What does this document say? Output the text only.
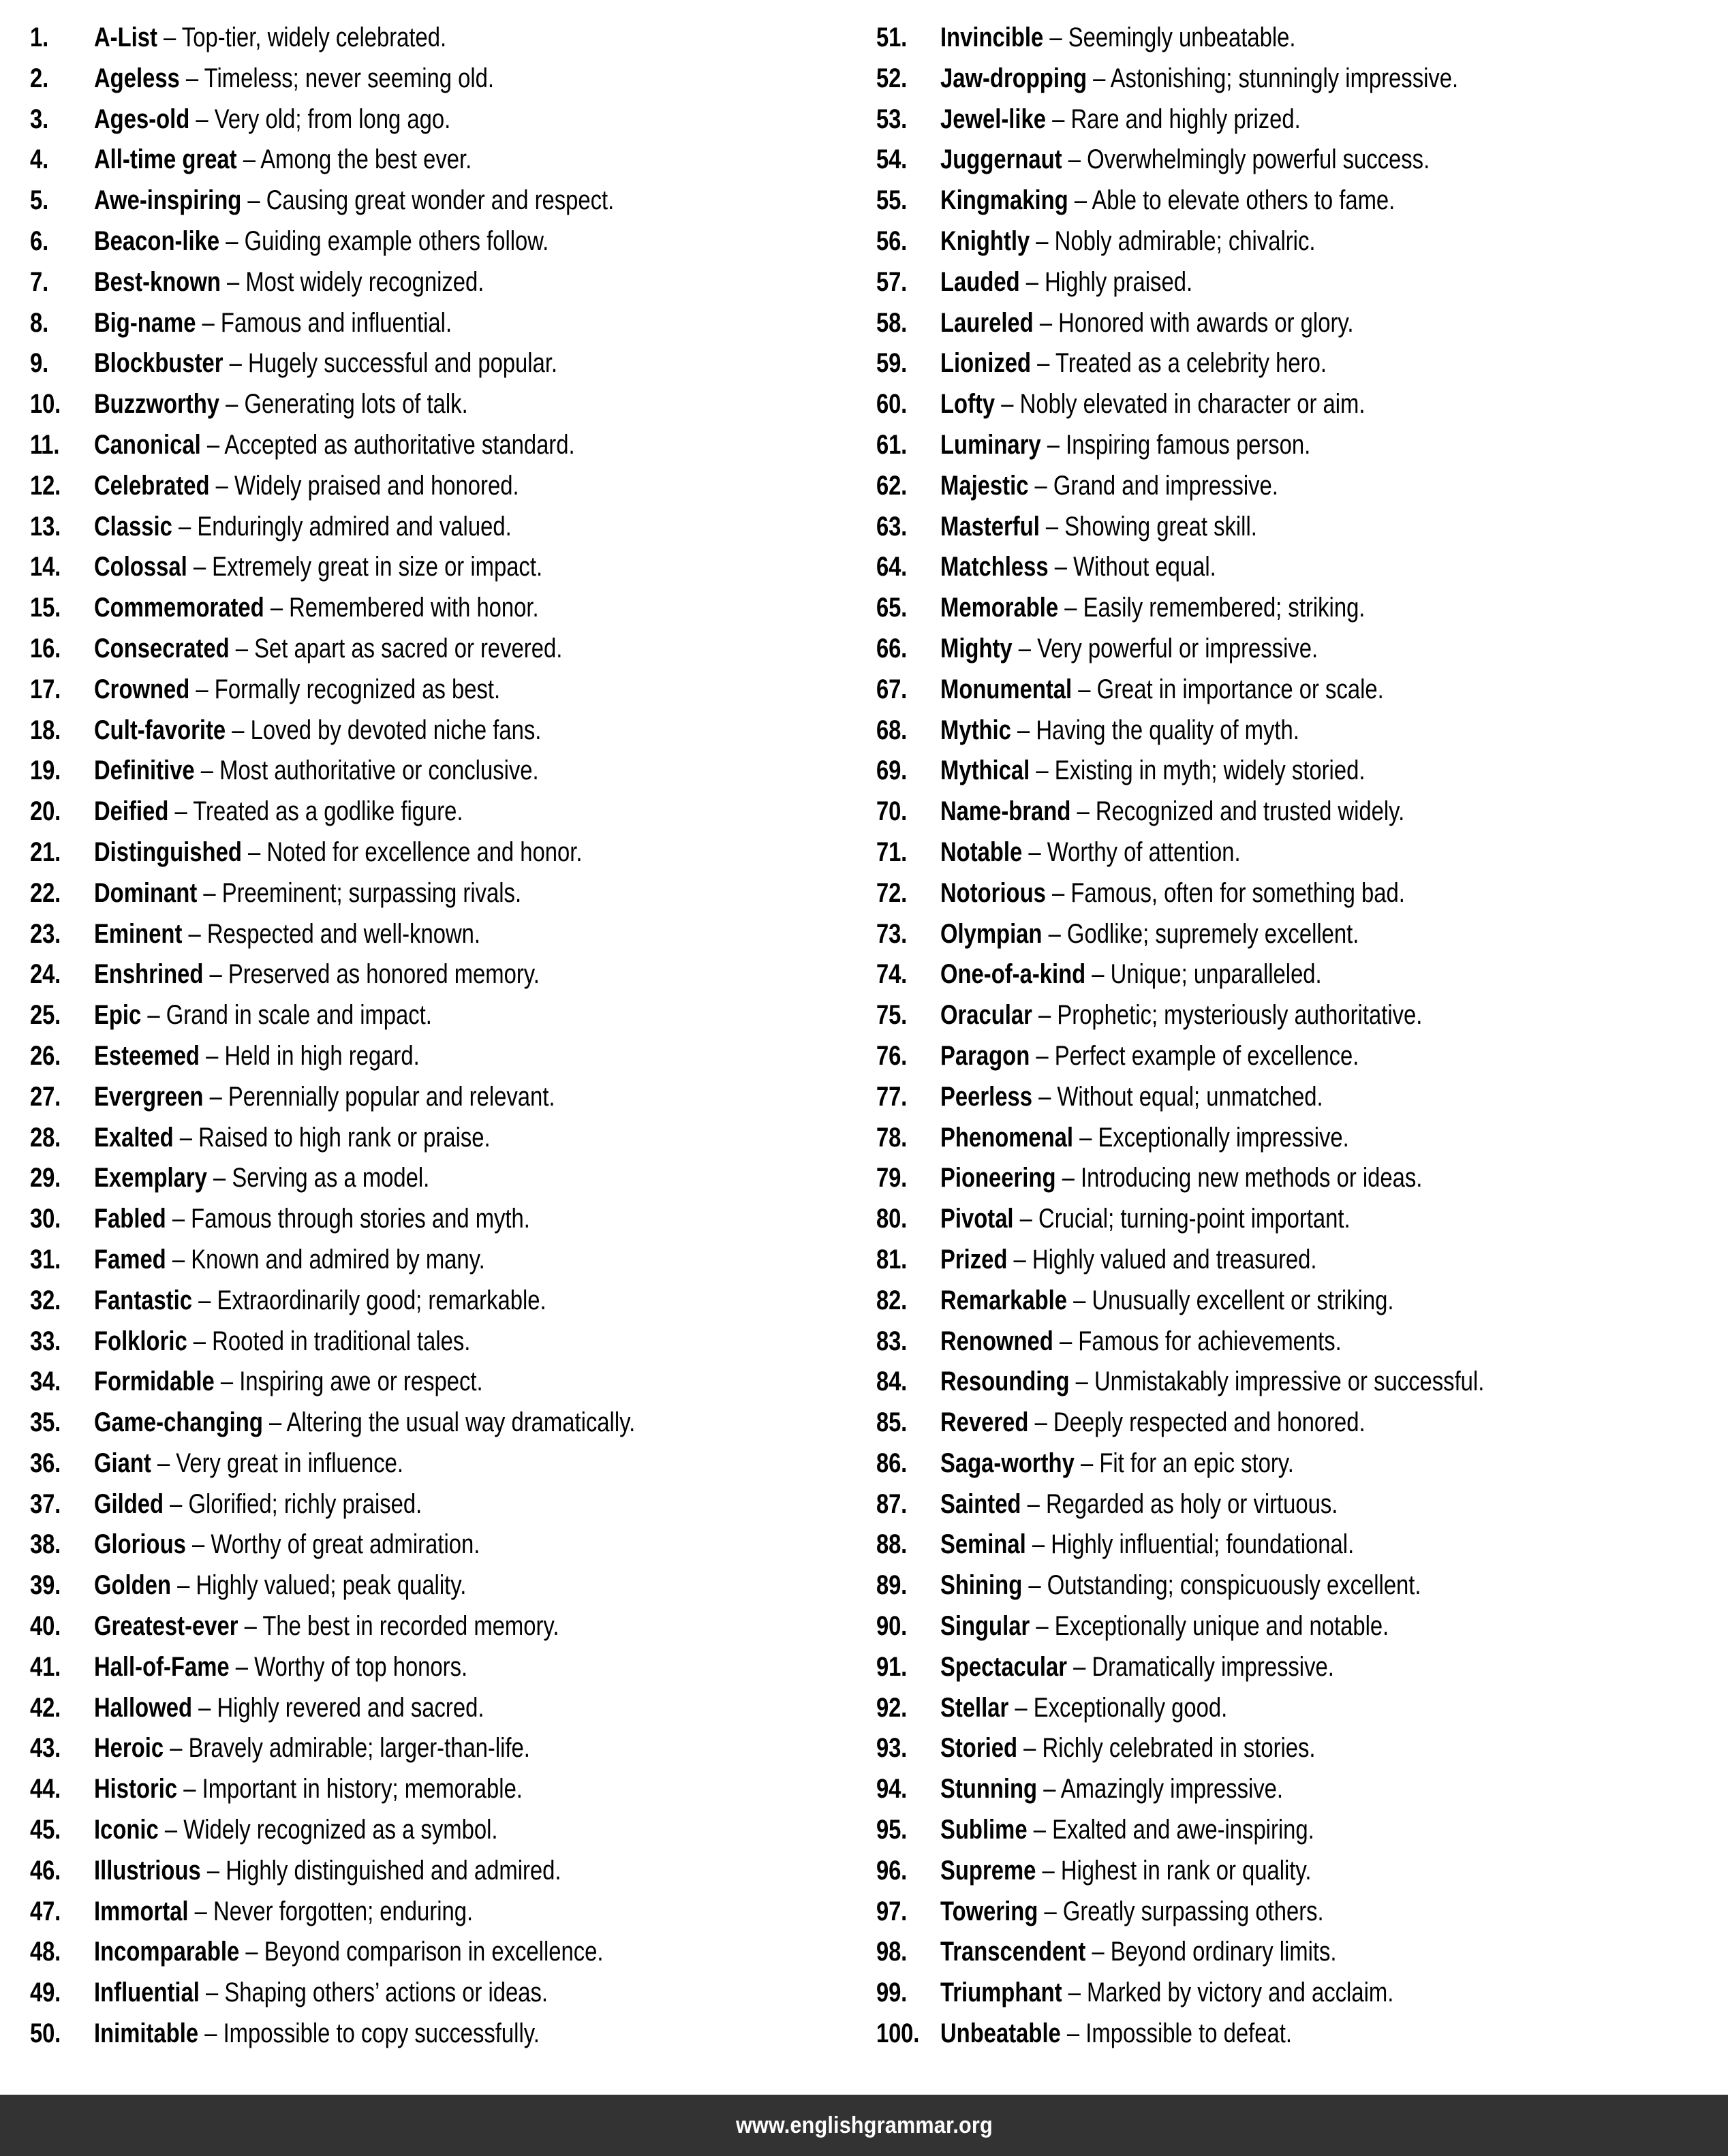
1.	A-List – Top-tier, widely celebrated.
2.	Ageless – Timeless; never seeming old.
3.	Ages-old – Very old; from long ago.
4.	All-time great – Among the best ever.
5.	Awe-inspiring – Causing great wonder and respect.
6.	Beacon-like – Guiding example others follow.
7.	Best-known – Most widely recognized.
8.	Big-name – Famous and influential.
9.	Blockbuster – Hugely successful and popular.
10.	Buzzworthy – Generating lots of talk.
11.	Canonical – Accepted as authoritative standard.
12.	Celebrated – Widely praised and honored.
13.	Classic – Enduringly admired and valued.
14.	Colossal – Extremely great in size or impact.
15.	Commemorated – Remembered with honor.
16.	Consecrated – Set apart as sacred or revered.
17.	Crowned – Formally recognized as best.
18.	Cult-favorite – Loved by devoted niche fans.
19.	Definitive – Most authoritative or conclusive.
20.	Deified – Treated as a godlike figure.
21.	Distinguished – Noted for excellence and honor.
22.	Dominant – Preeminent; surpassing rivals.
23.	Eminent – Respected and well-known.
24.	Enshrined – Preserved as honored memory.
25.	Epic – Grand in scale and impact.
26.	Esteemed – Held in high regard.
27.	Evergreen – Perennially popular and relevant.
28.	Exalted – Raised to high rank or praise.
29.	Exemplary – Serving as a model.
30.	Fabled – Famous through stories and myth.
31.	Famed – Known and admired by many.
32.	Fantastic – Extraordinarily good; remarkable.
33.	Folkloric – Rooted in traditional tales.
34.	Formidable – Inspiring awe or respect.
35.	Game-changing – Altering the usual way dramatically.
36.	Giant – Very great in influence.
37.	Gilded – Glorified; richly praised.
38.	Glorious – Worthy of great admiration.
39.	Golden – Highly valued; peak quality.
40.	Greatest-ever – The best in recorded memory.
41.	Hall-of-Fame – Worthy of top honors.
42.	Hallowed – Highly revered and sacred.
43.	Heroic – Bravely admirable; larger-than-life.
44.	Historic – Important in history; memorable.
45.	Iconic – Widely recognized as a symbol.
46.	Illustrious – Highly distinguished and admired.
47.	Immortal – Never forgotten; enduring.
48.	Incomparable – Beyond comparison in excellence.
49.	Influential – Shaping others’ actions or ideas.
50.	Inimitable – Impossible to copy successfully.
51.	Invincible – Seemingly unbeatable.
52.	Jaw-dropping – Astonishing; stunningly impressive.
53.	Jewel-like – Rare and highly prized.
54.	Juggernaut – Overwhelmingly powerful success.
55.	Kingmaking – Able to elevate others to fame.
56.	Knightly – Nobly admirable; chivalric.
57.	Lauded – Highly praised.
58.	Laureled – Honored with awards or glory.
59.	Lionized – Treated as a celebrity hero.
60.	Lofty – Nobly elevated in character or aim.
61.	Luminary – Inspiring famous person.
62.	Majestic – Grand and impressive.
63.	Masterful – Showing great skill.
64.	Matchless – Without equal.
65.	Memorable – Easily remembered; striking.
66.	Mighty – Very powerful or impressive.
67.	Monumental – Great in importance or scale.
68.	Mythic – Having the quality of myth.
69.	Mythical – Existing in myth; widely storied.
70.	Name-brand – Recognized and trusted widely.
71.	Notable – Worthy of attention.
72.	Notorious – Famous, often for something bad.
73.	Olympian – Godlike; supremely excellent.
74.	One-of-a-kind – Unique; unparalleled.
75.	Oracular – Prophetic; mysteriously authoritative.
76.	Paragon – Perfect example of excellence.
77.	Peerless – Without equal; unmatched.
78.	Phenomenal – Exceptionally impressive.
79.	Pioneering – Introducing new methods or ideas.
80.	Pivotal – Crucial; turning-point important.
81.	Prized – Highly valued and treasured.
82.	Remarkable – Unusually excellent or striking.
83.	Renowned – Famous for achievements.
84.	Resounding – Unmistakably impressive or successful.
85.	Revered – Deeply respected and honored.
86.	Saga-worthy – Fit for an epic story.
87.	Sainted – Regarded as holy or virtuous.
88.	Seminal – Highly influential; foundational.
89.	Shining – Outstanding; conspicuously excellent.
90.	Singular – Exceptionally unique and notable.
91.	Spectacular – Dramatically impressive.
92.	Stellar – Exceptionally good.
93.	Storied – Richly celebrated in stories.
94.	Stunning – Amazingly impressive.
95.	Sublime – Exalted and awe-inspiring.
96.	Supreme – Highest in rank or quality.
97.	Towering – Greatly surpassing others.
98.	Transcendent – Beyond ordinary limits.
99.	Triumphant – Marked by victory and acclaim.
100. Unbeatable – Impossible to defeat.
www.englishgrammar.org
